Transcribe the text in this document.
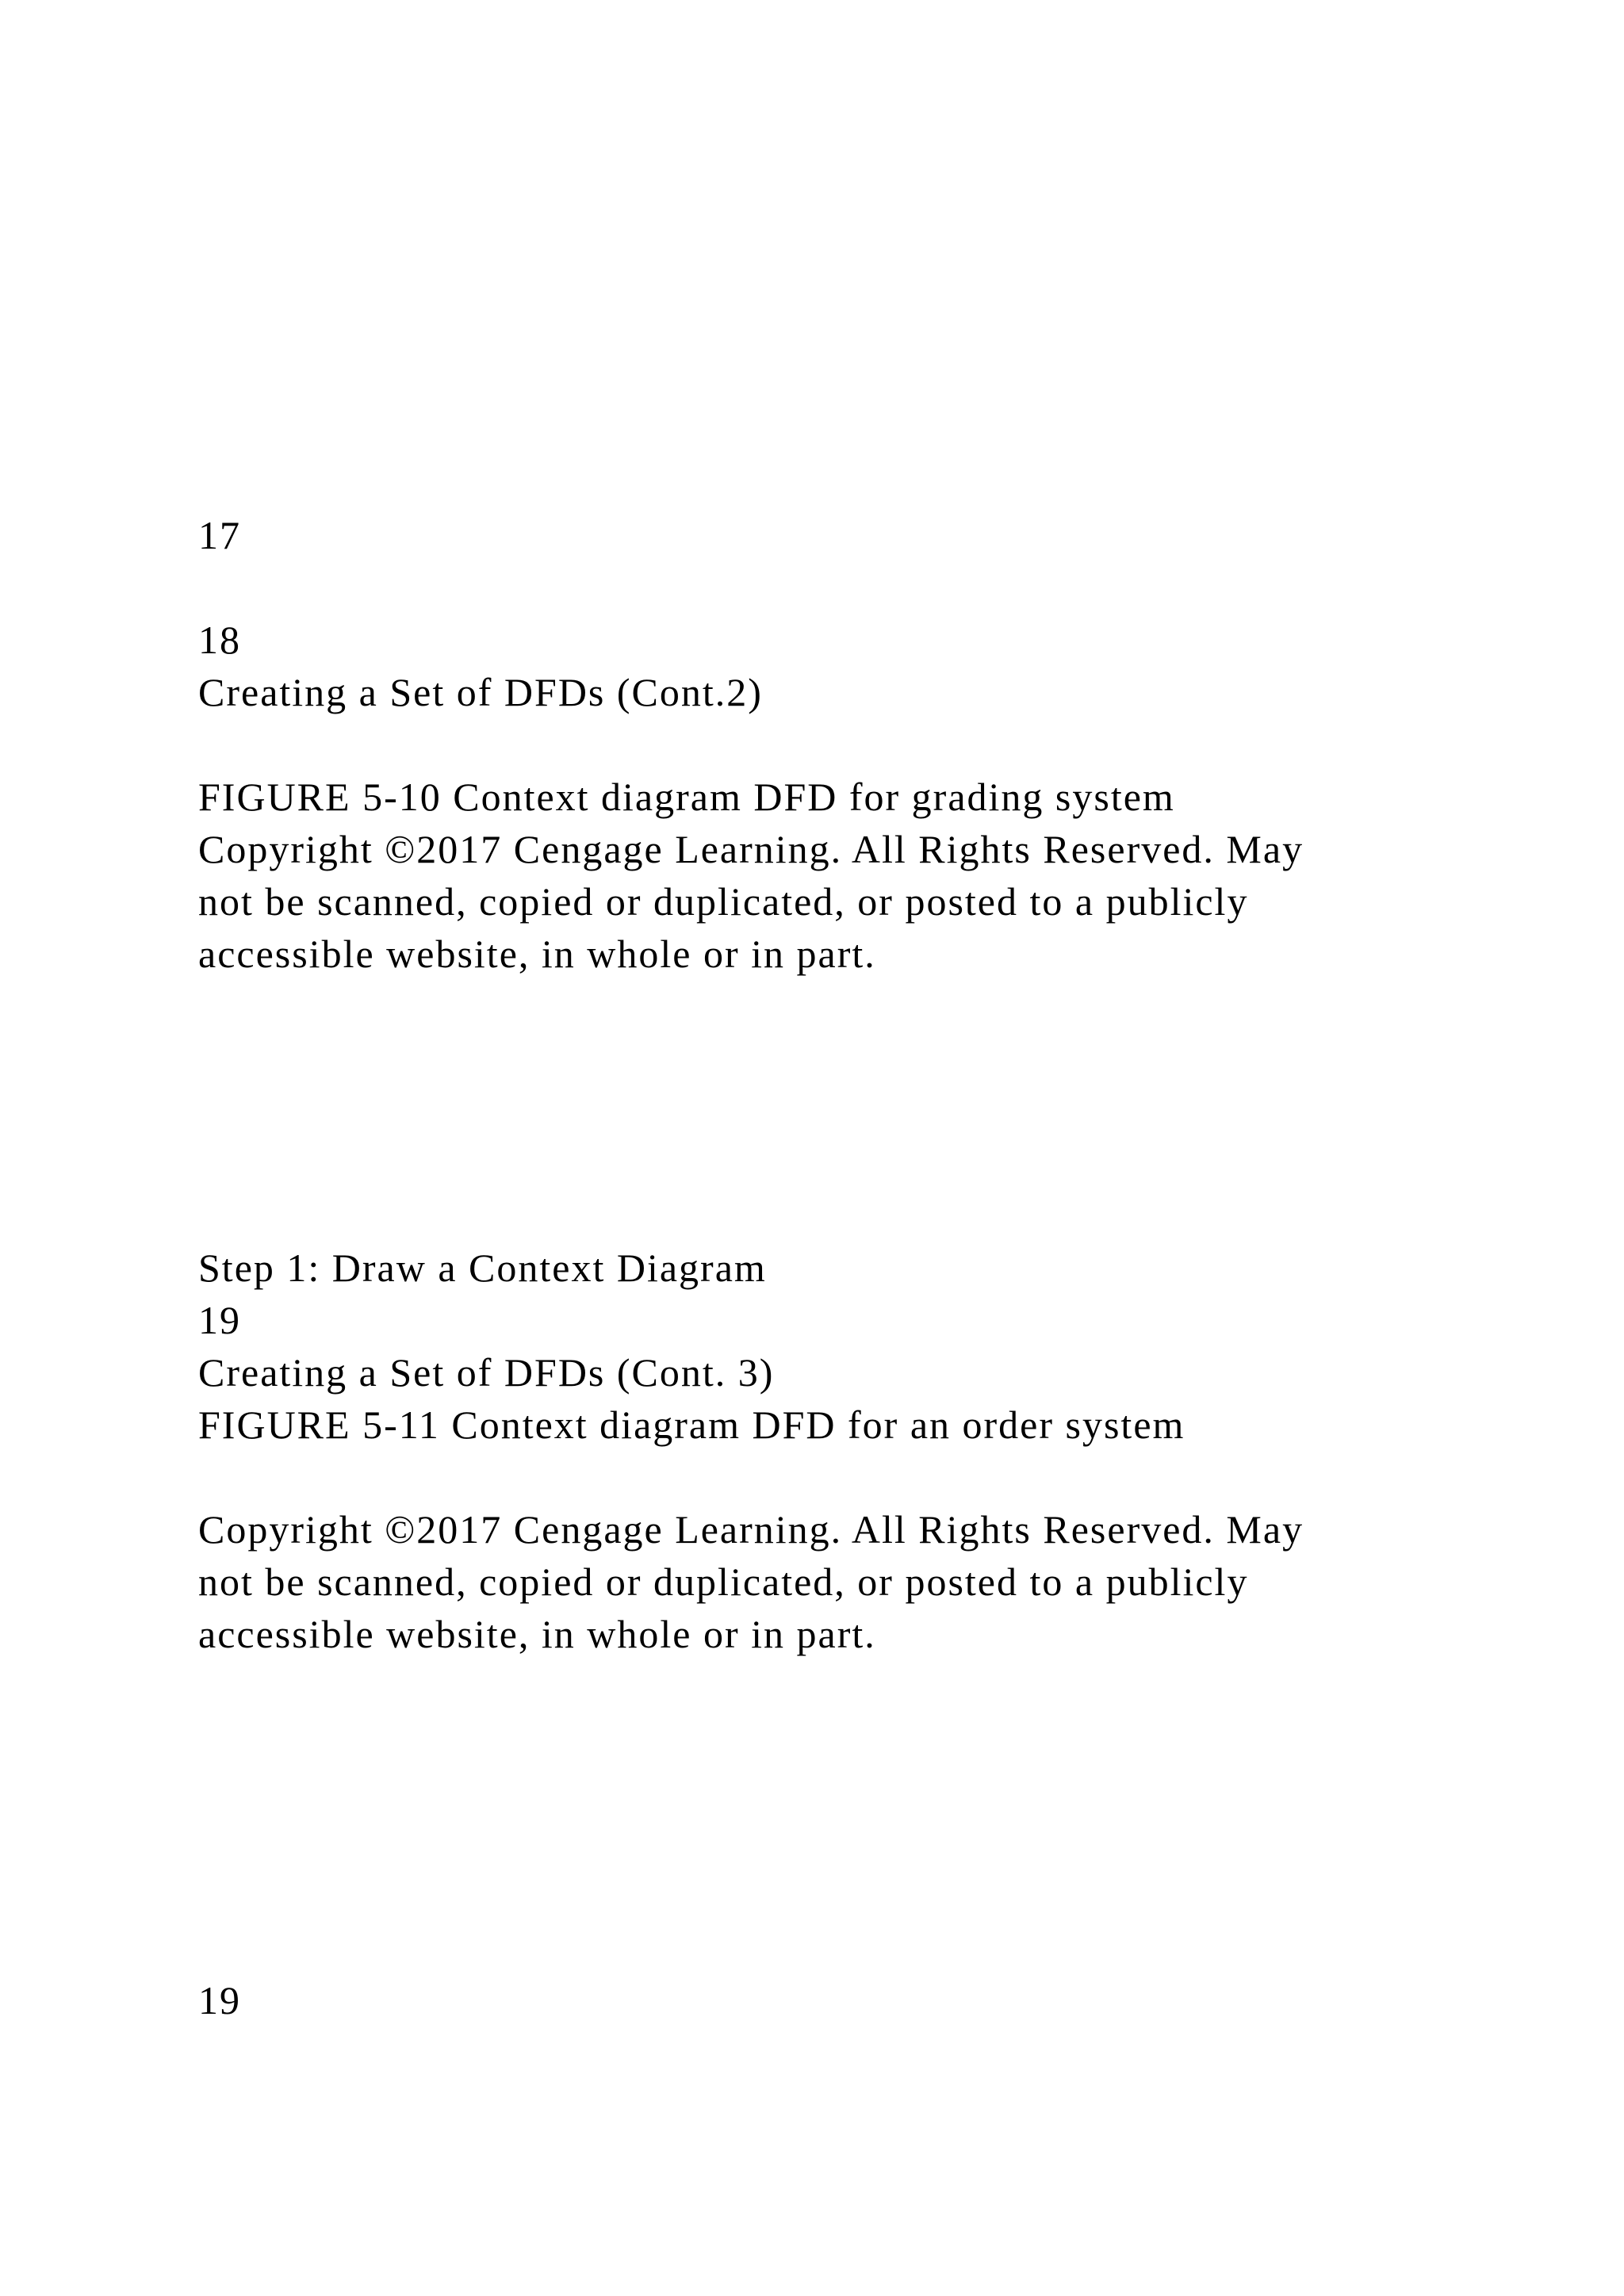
17

18

Creating a Set of DFDs (Cont.2)

FIGURE 5-10 Context diagram DFD for grading system

Copyright ©2017 Cengage Learning. All Rights Reserved. May

not be scanned, copied or duplicated, or posted to a publicly

accessible website, in whole or in part.

Step 1: Draw a Context Diagram

19

Creating a Set of DFDs (Cont. 3)

FIGURE 5-11 Context diagram DFD for an order system

Copyright ©2017 Cengage Learning. All Rights Reserved. May

not be scanned, copied or duplicated, or posted to a publicly

accessible website, in whole or in part.

19
